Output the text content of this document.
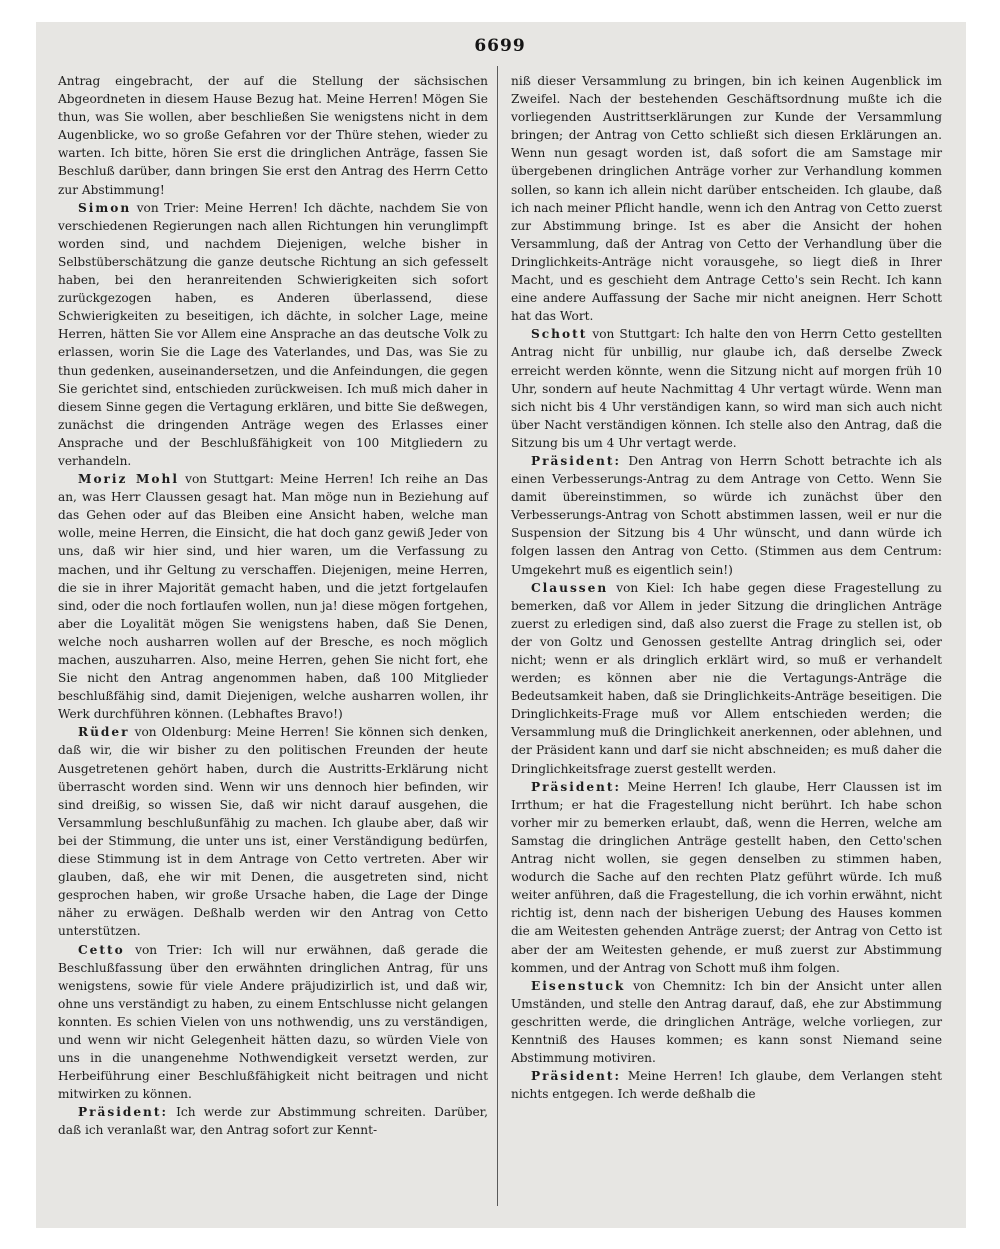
6699

Antrag eingebracht, der auf die Stellung der sächsischen Abgeordneten in diesem Hause Bezug hat. Meine Herren! Mögen Sie thun, was Sie wollen, aber beschließen Sie wenigstens nicht in dem Augenblicke, wo so große Gefahren vor der Thüre stehen, wieder zu warten. Ich bitte, hören Sie erst die dringlichen Anträge, fassen Sie Beschluß darüber, dann bringen Sie erst den Antrag des Herrn Cetto zur Abstimmung!

Simon von Trier: Meine Herren! Ich dächte, nachdem Sie von verschiedenen Regierungen nach allen Richtungen hin verunglimpft worden sind, und nachdem Diejenigen, welche bisher in Selbstüberschätzung die ganze deutsche Richtung an sich gefesselt haben, bei den heranreitenden Schwierigkeiten sich sofort zurückgezogen haben, es Anderen überlassend, diese Schwierigkeiten zu beseitigen, ich dächte, in solcher Lage, meine Herren, hätten Sie vor Allem eine Ansprache an das deutsche Volk zu erlassen, worin Sie die Lage des Vaterlandes, und Das, was Sie zu thun gedenken, auseinandersetzen, und die Anfeindungen, die gegen Sie gerichtet sind, entschieden zurückweisen. Ich muß mich daher in diesem Sinne gegen die Vertagung erklären, und bitte Sie deßwegen, zunächst die dringenden Anträge wegen des Erlasses einer Ansprache und der Beschlußfähigkeit von 100 Mitgliedern zu verhandeln.

Moriz Mohl von Stuttgart: Meine Herren! Ich reihe an Das an, was Herr Claussen gesagt hat. Man möge nun in Beziehung auf das Gehen oder auf das Bleiben eine Ansicht haben, welche man wolle, meine Herren, die Einsicht, die hat doch ganz gewiß Jeder von uns, daß wir hier sind, und hier waren, um die Verfassung zu machen, und ihr Geltung zu verschaffen. Diejenigen, meine Herren, die sie in ihrer Majorität gemacht haben, und die jetzt fortgelaufen sind, oder die noch fortlaufen wollen, nun ja! diese mögen fortgehen, aber die Loyalität mögen Sie wenigstens haben, daß Sie Denen, welche noch ausharren wollen auf der Bresche, es noch möglich machen, auszuharren. Also, meine Herren, gehen Sie nicht fort, ehe Sie nicht den Antrag angenommen haben, daß 100 Mitglieder beschlußfähig sind, damit Diejenigen, welche ausharren wollen, ihr Werk durchführen können. (Lebhaftes Bravo!)

Rüder von Oldenburg: Meine Herren! Sie können sich denken, daß wir, die wir bisher zu den politischen Freunden der heute Ausgetretenen gehört haben, durch die Austritts-Erklärung nicht überrascht worden sind. Wenn wir uns dennoch hier befinden, wir sind dreißig, so wissen Sie, daß wir nicht darauf ausgehen, die Versammlung beschlußunfähig zu machen. Ich glaube aber, daß wir bei der Stimmung, die unter uns ist, einer Verständigung bedürfen, diese Stimmung ist in dem Antrage von Cetto vertreten. Aber wir glauben, daß, ehe wir mit Denen, die ausgetreten sind, nicht gesprochen haben, wir große Ursache haben, die Lage der Dinge näher zu erwägen. Deßhalb werden wir den Antrag von Cetto unterstützen.

Cetto von Trier: Ich will nur erwähnen, daß gerade die Beschlußfassung über den erwähnten dringlichen Antrag, für uns wenigstens, sowie für viele Andere präjudizirlich ist, und daß wir, ohne uns verständigt zu haben, zu einem Entschlusse nicht gelangen konnten. Es schien Vielen von uns nothwendig, uns zu verständigen, und wenn wir nicht Gelegenheit hätten dazu, so würden Viele von uns in die unangenehme Nothwendigkeit versetzt werden, zur Herbeiführung einer Beschlußfähigkeit nicht beitragen und nicht mitwirken zu können.

Präsident: Ich werde zur Abstimmung schreiten. Darüber, daß ich veranlaßt war, den Antrag sofort zur Kennt-

niß dieser Versammlung zu bringen, bin ich keinen Augenblick im Zweifel. Nach der bestehenden Geschäftsordnung mußte ich die vorliegenden Austrittserklärungen zur Kunde der Versammlung bringen; der Antrag von Cetto schließt sich diesen Erklärungen an. Wenn nun gesagt worden ist, daß sofort die am Samstage mir übergebenen dringlichen Anträge vorher zur Verhandlung kommen sollen, so kann ich allein nicht darüber entscheiden. Ich glaube, daß ich nach meiner Pflicht handle, wenn ich den Antrag von Cetto zuerst zur Abstimmung bringe. Ist es aber die Ansicht der hohen Versammlung, daß der Antrag von Cetto der Verhandlung über die Dringlichkeits-Anträge nicht vorausgehe, so liegt dieß in Ihrer Macht, und es geschieht dem Antrage Cetto's sein Recht. Ich kann eine andere Auffassung der Sache mir nicht aneignen. Herr Schott hat das Wort.

Schott von Stuttgart: Ich halte den von Herrn Cetto gestellten Antrag nicht für unbillig, nur glaube ich, daß derselbe Zweck erreicht werden könnte, wenn die Sitzung nicht auf morgen früh 10 Uhr, sondern auf heute Nachmittag 4 Uhr vertagt würde. Wenn man sich nicht bis 4 Uhr verständigen kann, so wird man sich auch nicht über Nacht verständigen können. Ich stelle also den Antrag, daß die Sitzung bis um 4 Uhr vertagt werde.

Präsident: Den Antrag von Herrn Schott betrachte ich als einen Verbesserungs-Antrag zu dem Antrage von Cetto. Wenn Sie damit übereinstimmen, so würde ich zunächst über den Verbesserungs-Antrag von Schott abstimmen lassen, weil er nur die Suspension der Sitzung bis 4 Uhr wünscht, und dann würde ich folgen lassen den Antrag von Cetto. (Stimmen aus dem Centrum: Umgekehrt muß es eigentlich sein!)

Claussen von Kiel: Ich habe gegen diese Fragestellung zu bemerken, daß vor Allem in jeder Sitzung die dringlichen Anträge zuerst zu erledigen sind, daß also zuerst die Frage zu stellen ist, ob der von Goltz und Genossen gestellte Antrag dringlich sei, oder nicht; wenn er als dringlich erklärt wird, so muß er verhandelt werden; es können aber nie die Vertagungs-Anträge die Bedeutsamkeit haben, daß sie Dringlichkeits-Anträge beseitigen. Die Dringlichkeits-Frage muß vor Allem entschieden werden; die Versammlung muß die Dringlichkeit anerkennen, oder ablehnen, und der Präsident kann und darf sie nicht abschneiden; es muß daher die Dringlichkeitsfrage zuerst gestellt werden.

Präsident: Meine Herren! Ich glaube, Herr Claussen ist im Irrthum; er hat die Fragestellung nicht berührt. Ich habe schon vorher mir zu bemerken erlaubt, daß, wenn die Herren, welche am Samstag die dringlichen Anträge gestellt haben, den Cetto'schen Antrag nicht wollen, sie gegen denselben zu stimmen haben, wodurch die Sache auf den rechten Platz geführt würde. Ich muß weiter anführen, daß die Fragestellung, die ich vorhin erwähnt, nicht richtig ist, denn nach der bisherigen Uebung des Hauses kommen die am Weitesten gehenden Anträge zuerst; der Antrag von Cetto ist aber der am Weitesten gehende, er muß zuerst zur Abstimmung kommen, und der Antrag von Schott muß ihm folgen.

Eisenstuck von Chemnitz: Ich bin der Ansicht unter allen Umständen, und stelle den Antrag darauf, daß, ehe zur Abstimmung geschritten werde, die dringlichen Anträge, welche vorliegen, zur Kenntniß des Hauses kommen; es kann sonst Niemand seine Abstimmung motiviren.

Präsident: Meine Herren! Ich glaube, dem Verlangen steht nichts entgegen. Ich werde deßhalb die
